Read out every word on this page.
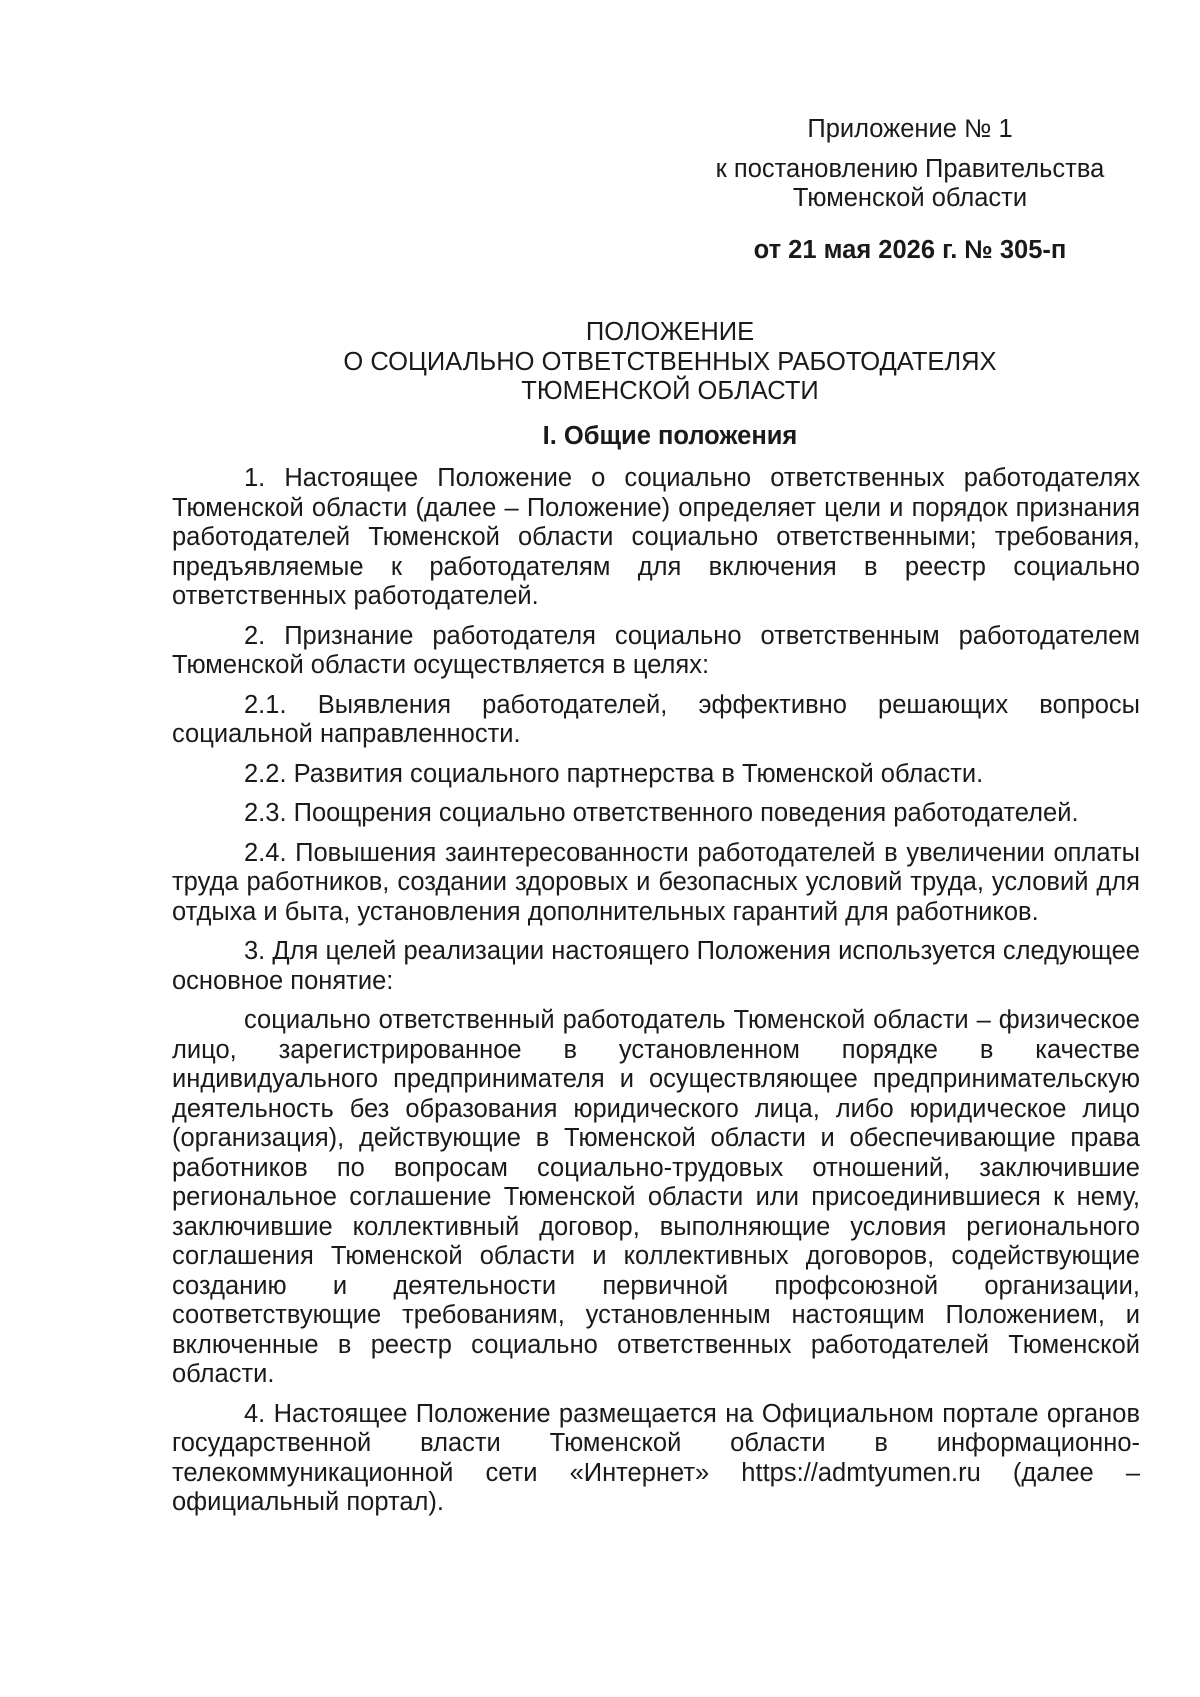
Приложение № 1
к постановлению Правительства Тюменской области
от 21 мая 2026 г. № 305-п
ПОЛОЖЕНИЕ
О СОЦИАЛЬНО ОТВЕТСТВЕННЫХ РАБОТОДАТЕЛЯХ
ТЮМЕНСКОЙ ОБЛАСТИ
I. Общие положения

1. Настоящее Положение о социально ответственных работодателях Тюменской области (далее – Положение) определяет цели и порядок признания работодателей Тюменской области социально ответственными; требования, предъявляемые к работодателям для включения в реестр социально ответственных работодателей.

2. Признание работодателя социально ответственным работодателем Тюменской области осуществляется в целях:

2.1. Выявления работодателей, эффективно решающих вопросы социальной направленности.

2.2. Развития социального партнерства в Тюменской области.

2.3. Поощрения социально ответственного поведения работодателей.

2.4. Повышения заинтересованности работодателей в увеличении оплаты труда работников, создании здоровых и безопасных условий труда, условий для отдыха и быта, установления дополнительных гарантий для работников.

3. Для целей реализации настоящего Положения используется следующее основное понятие:

социально ответственный работодатель Тюменской области – физическое лицо, зарегистрированное в установленном порядке в качестве индивидуального предпринимателя и осуществляющее предпринимательскую деятельность без образования юридического лица, либо юридическое лицо (организация), действующие в Тюменской области и обеспечивающие права работников по вопросам социально-трудовых отношений, заключившие региональное соглашение Тюменской области или присоединившиеся к нему, заключившие коллективный договор, выполняющие условия регионального соглашения Тюменской области и коллективных договоров, содействующие созданию и деятельности первичной профсоюзной организации, соответствующие требованиям, установленным настоящим Положением, и включенные в реестр социально ответственных работодателей Тюменской области.

4. Настоящее Положение размещается на Официальном портале органов государственной власти Тюменской области в информационно-телекоммуникационной сети «Интернет» https://admtyumen.ru (далее – официальный портал).
